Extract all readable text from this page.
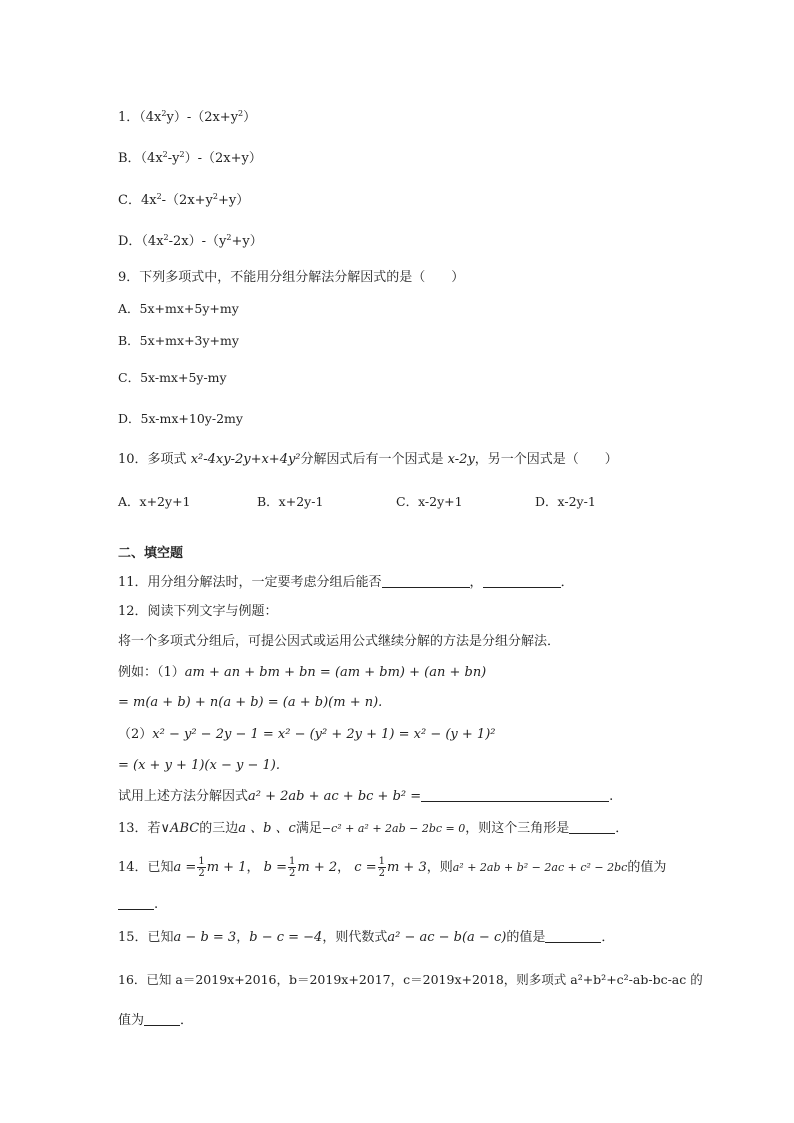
1．$(4x^2y)-(2x+y^2)$
B．$(4x^2-y^2)-(2x+y)$
C．$4x^2-(2x+y^2+y)$
D．$(4x^2-2x)-(y^2+y)$
9．下列多项式中，不能用分组分解法分解因式的是（　　）
A．5x+mx+5y+my
B．5x+mx+3y+my
C．5x-mx+5y-my
D．5x-mx+10y-2my
10．多项式 x²-4xy-2y+x+4y²分解因式后有一个因式是 x-2y，另一个因式是（　　）
A．x+2y+1	B．x+2y-1	C．x-2y+1	D．x-2y-1
二、填空题
11．用分组分解法时，一定要考虑分组后能否	，	．
12．阅读下列文字与例题：
将一个多项式分组后，可提公因式或运用公式继续分解的方法是分组分解法．
例如：（1）am + an + bm + bn = (am + bm) + (an + bn)
= m(a + b) + n(a + b) = (a + b)(m + n).
（2）x² − y² − 2y − 1 = x² − (y² + 2y + 1) = x² − (y + 1)²
= (x + y + 1)(x − y − 1).
试用上述方法分解因式a² + 2ab + ac + bc + b² =	.
13．若∨ABC的三边a 、b 、c满足−c² + a² + 2ab − 2bc = 0，则这个三角形是	．
14．已知$a = \frac{1}{2}$ m + 1， $b = \frac{1}{2}$ m + 2， $c = \frac{1}{2}$ m + 3，则a² + 2ab + b² − 2ac + c² − 2bc的值为
.
15．已知a − b = 3，b − c = −4，则代数式a² − ac − b(a − c)的值是	．
16．已知 a＝2019x+2016，b＝2019x+2017，c＝2019x+2018，则多项式 a²+b²+c²-ab-bc-ac 的
值为	．
